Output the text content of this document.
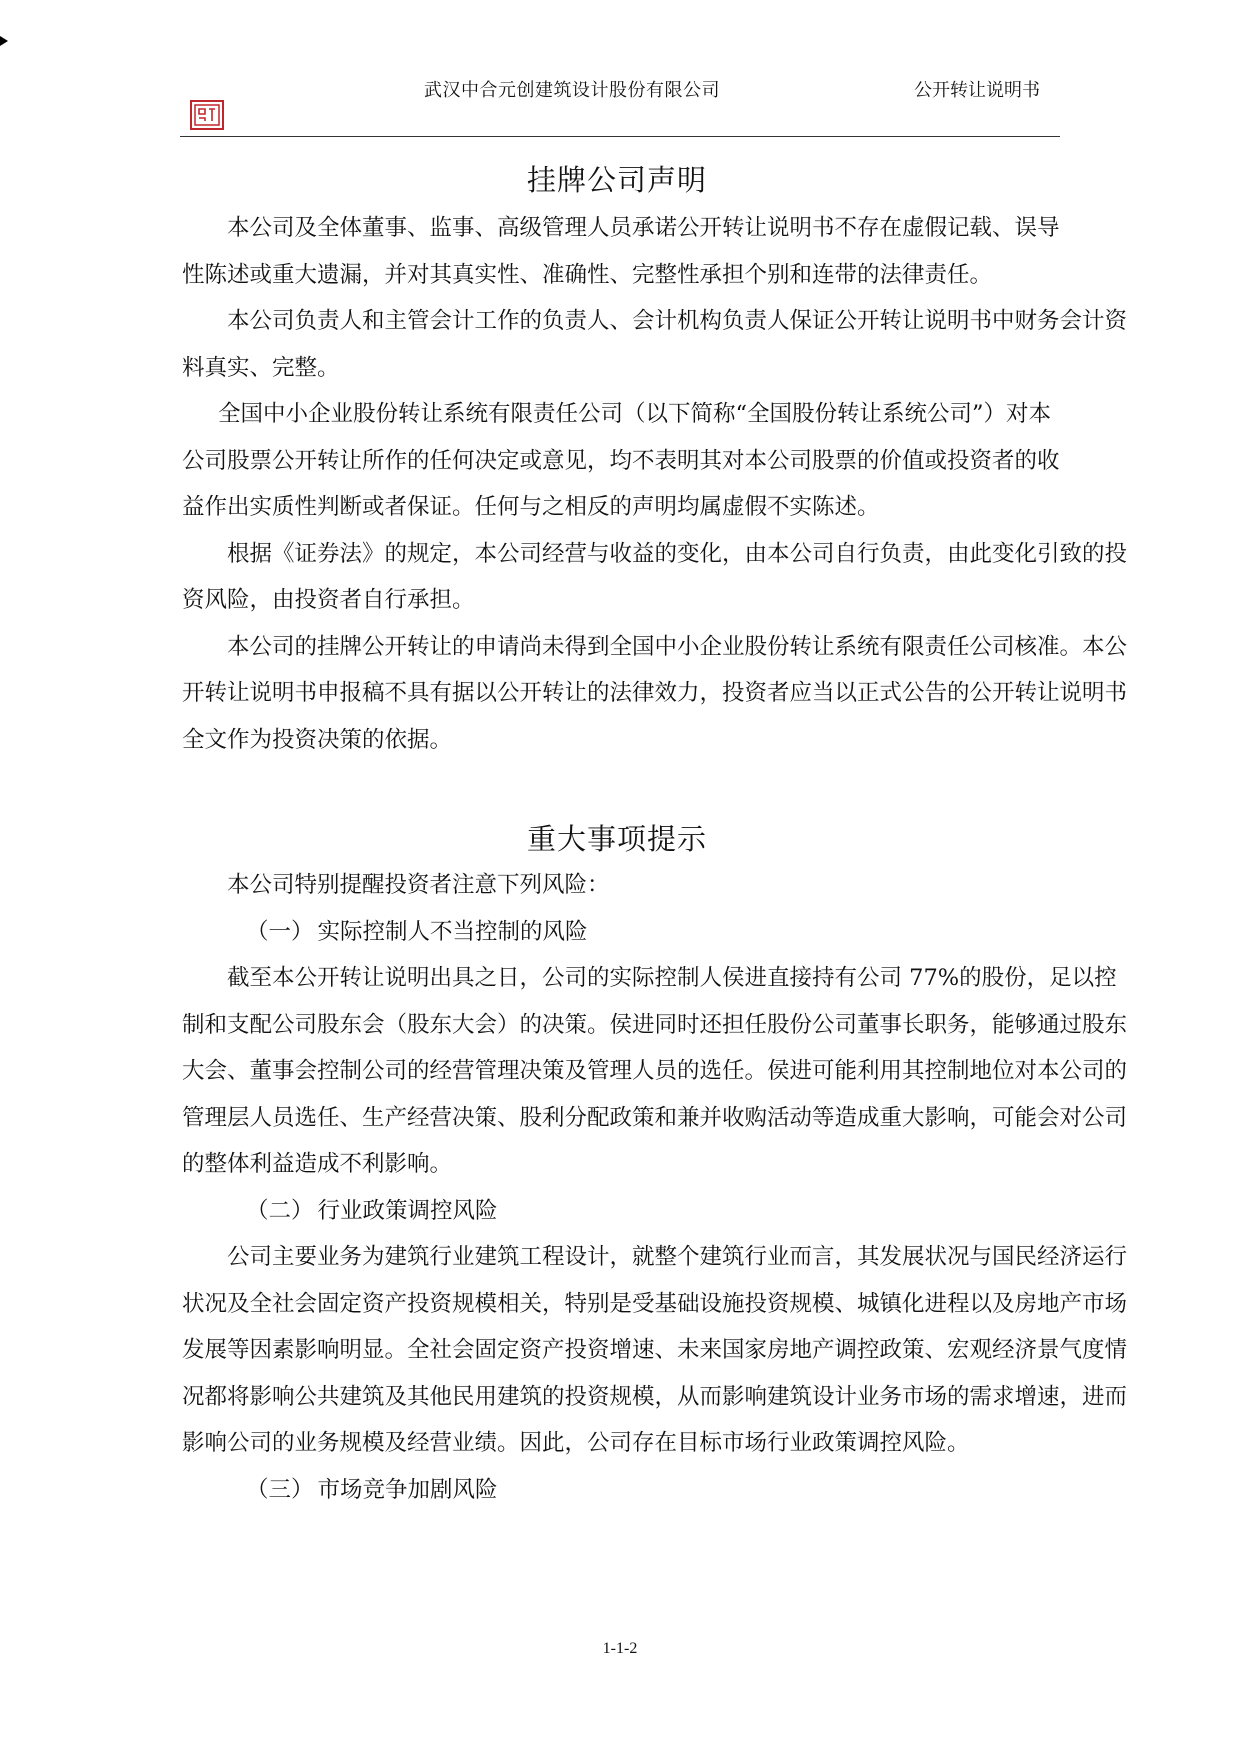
武汉中合元创建筑设计股份有限公司	公开转让说明书
挂牌公司声明

本公司及全体董事、监事、高级管理人员承诺公开转让说明书不存在虚假记载、误导性陈述或重大遗漏，并对其真实性、准确性、完整性承担个别和连带的法律责任。

本公司负责人和主管会计工作的负责人、会计机构负责人保证公开转让说明书中财务会计资料真实、完整。

全国中小企业股份转让系统有限责任公司（以下简称“全国股份转让系统公司”）对本公司股票公开转让所作的任何决定或意见，均不表明其对本公司股票的价值或投资者的收益作出实质性判断或者保证。任何与之相反的声明均属虚假不实陈述。

根据《证券法》的规定，本公司经营与收益的变化，由本公司自行负责，由此变化引致的投资风险，由投资者自行承担。

本公司的挂牌公开转让的申请尚未得到全国中小企业股份转让系统有限责任公司核准。本公开转让说明书申报稿不具有据以公开转让的法律效力，投资者应当以正式公告的公开转让说明书全文作为投资决策的依据。

重大事项提示

本公司特别提醒投资者注意下列风险：

（一） 实际控制人不当控制的风险

截至本公开转让说明出具之日，公司的实际控制人侯进直接持有公司 77%的股份，足以控制和支配公司股东会（股东大会）的决策。侯进同时还担任股份公司董事长职务，能够通过股东大会、董事会控制公司的经营管理决策及管理人员的选任。侯进可能利用其控制地位对本公司的管理层人员选任、生产经营决策、股利分配政策和兼并收购活动等造成重大影响，可能会对公司的整体利益造成不利影响。

（二） 行业政策调控风险

公司主要业务为建筑行业建筑工程设计，就整个建筑行业而言，其发展状况与国民经济运行状况及全社会固定资产投资规模相关，特别是受基础设施投资规模、城镇化进程以及房地产市场发展等因素影响明显。全社会固定资产投资增速、未来国家房地产调控政策、宏观经济景气度情况都将影响公共建筑及其他民用建筑的投资规模，从而影响建筑设计业务市场的需求增速，进而影响公司的业务规模及经营业绩。因此，公司存在目标市场行业政策调控风险。

（三） 市场竞争加剧风险
1-1-2
